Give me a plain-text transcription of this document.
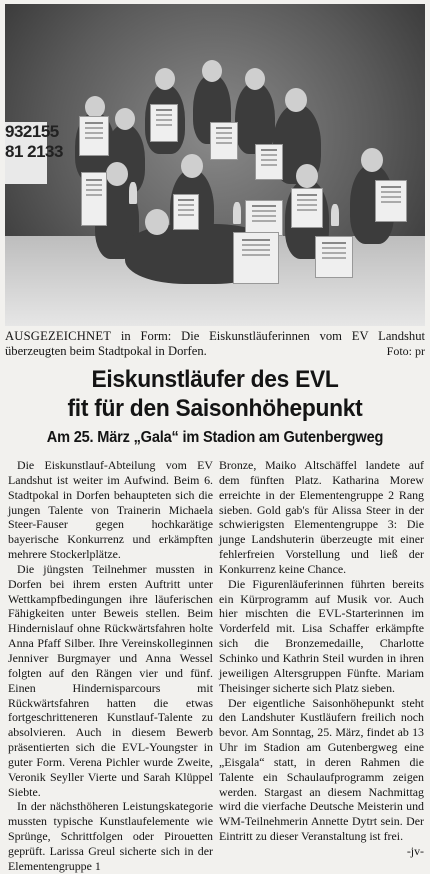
932155
81 2133
AUSGEZEICHNET in Form: Die Eiskunstläuferinnen vom EV Landshut überzeugten beim Stadtpokal in Dorfen.	Foto: pr
Eiskunstläufer des EVL
fit für den Saisonhöhepunkt
Am 25. März „Gala“ im Stadion am Gutenbergweg

Die Eiskunstlauf-Abteilung vom EV Landshut ist weiter im Aufwind. Beim 6. Stadtpokal in Dorfen behaupteten sich die jungen Talente von Trainerin Michaela Steer-Fauser gegen hochkarätige bayerische Konkurrenz und erkämpften mehrere Stockerlplätze.

Die jüngsten Teilnehmer mussten in Dorfen bei ihrem ersten Auftritt unter Wettkampfbedingungen ihre läuferischen Fähigkeiten unter Beweis stellen. Beim Hindernislauf ohne Rückwärtsfahren holte Anna Pfaff Silber. Ihre Vereinskolleginnen Jenniver Burgmayer und Anna Wessel folgten auf den Rängen vier und fünf. Einen Hindernisparcours mit Rückwärtsfahren hatten die etwas fortgeschritteneren Kunstlauf-Talente zu absolvieren. Auch in diesem Bewerb präsentierten sich die EVL-Youngster in guter Form. Verena Pichler wurde Zweite, Veronik Seyller Vierte und Sarah Klüppel Siebte.

In der nächsthöheren Leistungskategorie mussten typische Kunstlaufelemente wie Sprünge, Schrittfolgen oder Pirouetten geprüft. Larissa Greul sicherte sich in der Elementengruppe 1

Bronze, Maiko Altschäffel landete auf dem fünften Platz. Katharina Morew erreichte in der Elementengruppe 2 Rang sieben. Gold gab's für Alissa Steer in der schwierigsten Elementengruppe 3: Die junge Landshuterin überzeugte mit einer fehlerfreien Vorstellung und ließ der Konkurrenz keine Chance.

Die Figurenläuferinnen führten bereits ein Kürprogramm auf Musik vor. Auch hier mischten die EVL-Starterinnen im Vorderfeld mit. Lisa Schaffer erkämpfte sich die Bronzemedaille, Charlotte Schinko und Kathrin Steil wurden in ihren jeweiligen Altersgruppen Fünfte. Mariam Theisinger sicherte sich Platz sieben.

Der eigentliche Saisonhöhepunkt steht den Landshuter Kustläufern freilich noch bevor. Am Sonntag, 25. März, findet ab 13 Uhr im Stadion am Gutenbergweg eine „Eisgala“ statt, in deren Rahmen die Talente ein Schaulaufprogramm zeigen werden. Stargast an diesem Nachmittag wird die vierfache Deutsche Meisterin und WM-Teilnehmerin Annette Dytrt sein. Der Eintritt zu dieser Veranstaltung ist frei.
-jv-
